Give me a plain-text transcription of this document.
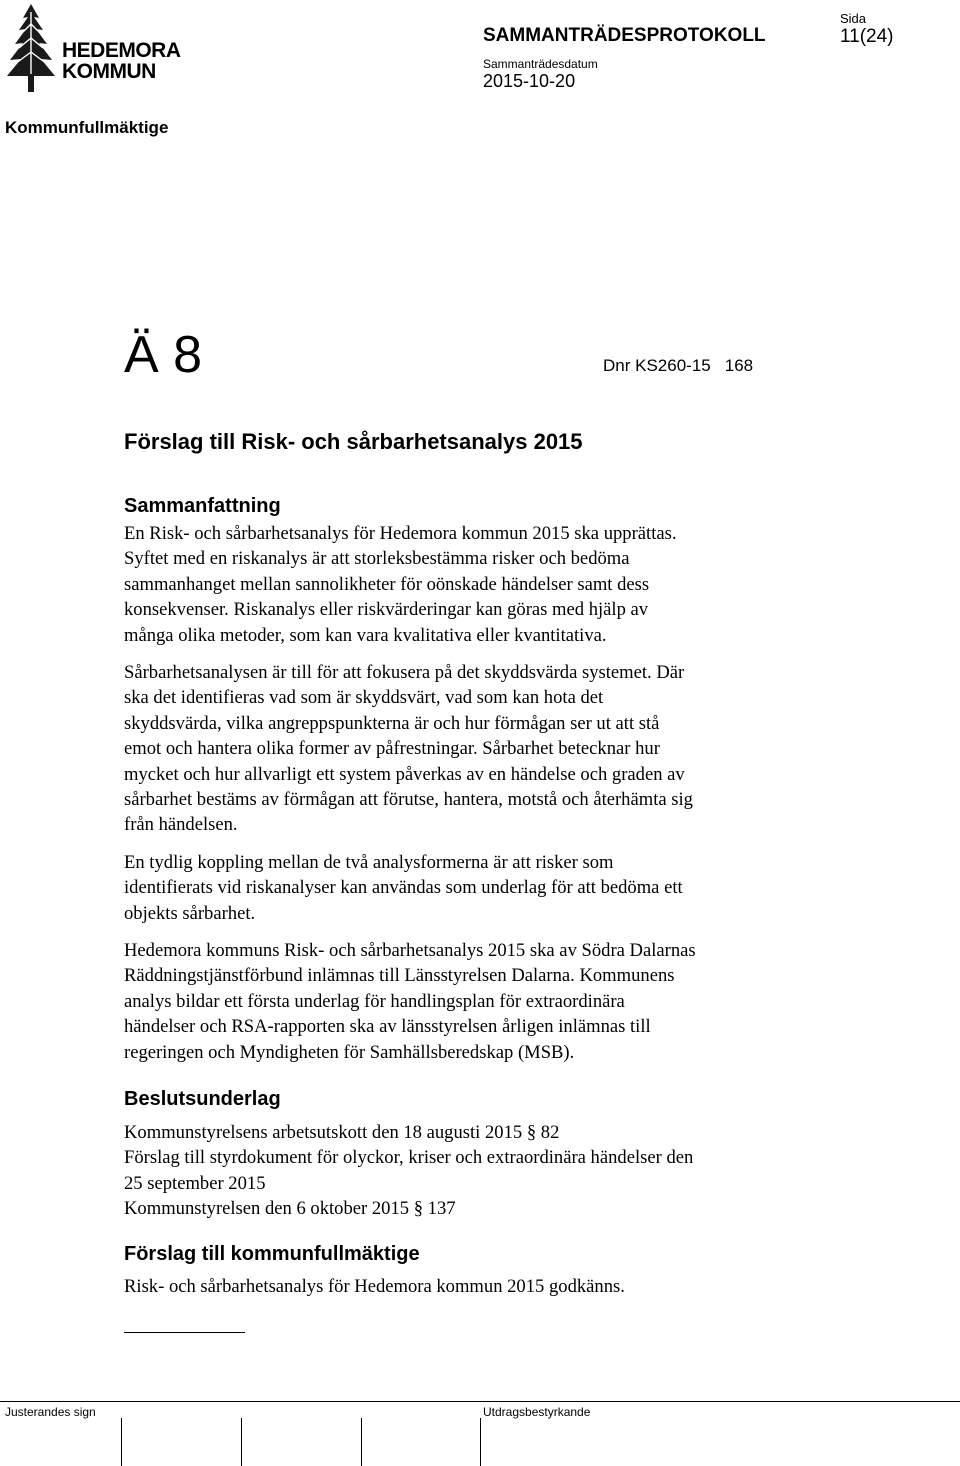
HEDEMORA
KOMMUN
SAMMANTRÄDESPROTOKOLL
Sida
11(24)
Sammanträdesdatum
2015-10-20
Kommunfullmäktige
Ä 8	Dnr KS260-15 168
Förslag till Risk- och sårbarhetsanalys 2015
Sammanfattning
En Risk- och sårbarhetsanalys för Hedemora kommun 2015 ska upprättas.
Syftet med en riskanalys är att storleksbestämma risker och bedöma
sammanhanget mellan sannolikheter för oönskade händelser samt dess
konsekvenser. Riskanalys eller riskvärderingar kan göras med hjälp av
många olika metoder, som kan vara kvalitativa eller kvantitativa.
Sårbarhetsanalysen är till för att fokusera på det skyddsvärda systemet. Där
ska det identifieras vad som är skyddsvärt, vad som kan hota det
skyddsvärda, vilka angreppspunkterna är och hur förmågan ser ut att stå
emot och hantera olika former av påfrestningar. Sårbarhet betecknar hur
mycket och hur allvarligt ett system påverkas av en händelse och graden av
sårbarhet bestäms av förmågan att förutse, hantera, motstå och återhämta sig
från händelsen.
En tydlig koppling mellan de två analysformerna är att risker som
identifierats vid riskanalyser kan användas som underlag för att bedöma ett
objekts sårbarhet.
Hedemora kommuns Risk- och sårbarhetsanalys 2015 ska av Södra Dalarnas
Räddningstjänstförbund inlämnas till Länsstyrelsen Dalarna. Kommunens
analys bildar ett första underlag för handlingsplan för extraordinära
händelser och RSA-rapporten ska av länsstyrelsen årligen inlämnas till
regeringen och Myndigheten för Samhällsberedskap (MSB).
Beslutsunderlag
Kommunstyrelsens arbetsutskott den 18 augusti 2015 § 82
Förslag till styrdokument för olyckor, kriser och extraordinära händelser den
25 september 2015
Kommunstyrelsen den 6 oktober 2015 § 137
Förslag till kommunfullmäktige
Risk- och sårbarhetsanalys för Hedemora kommun 2015 godkänns.
Justerandes sign	Utdragsbestyrkande
